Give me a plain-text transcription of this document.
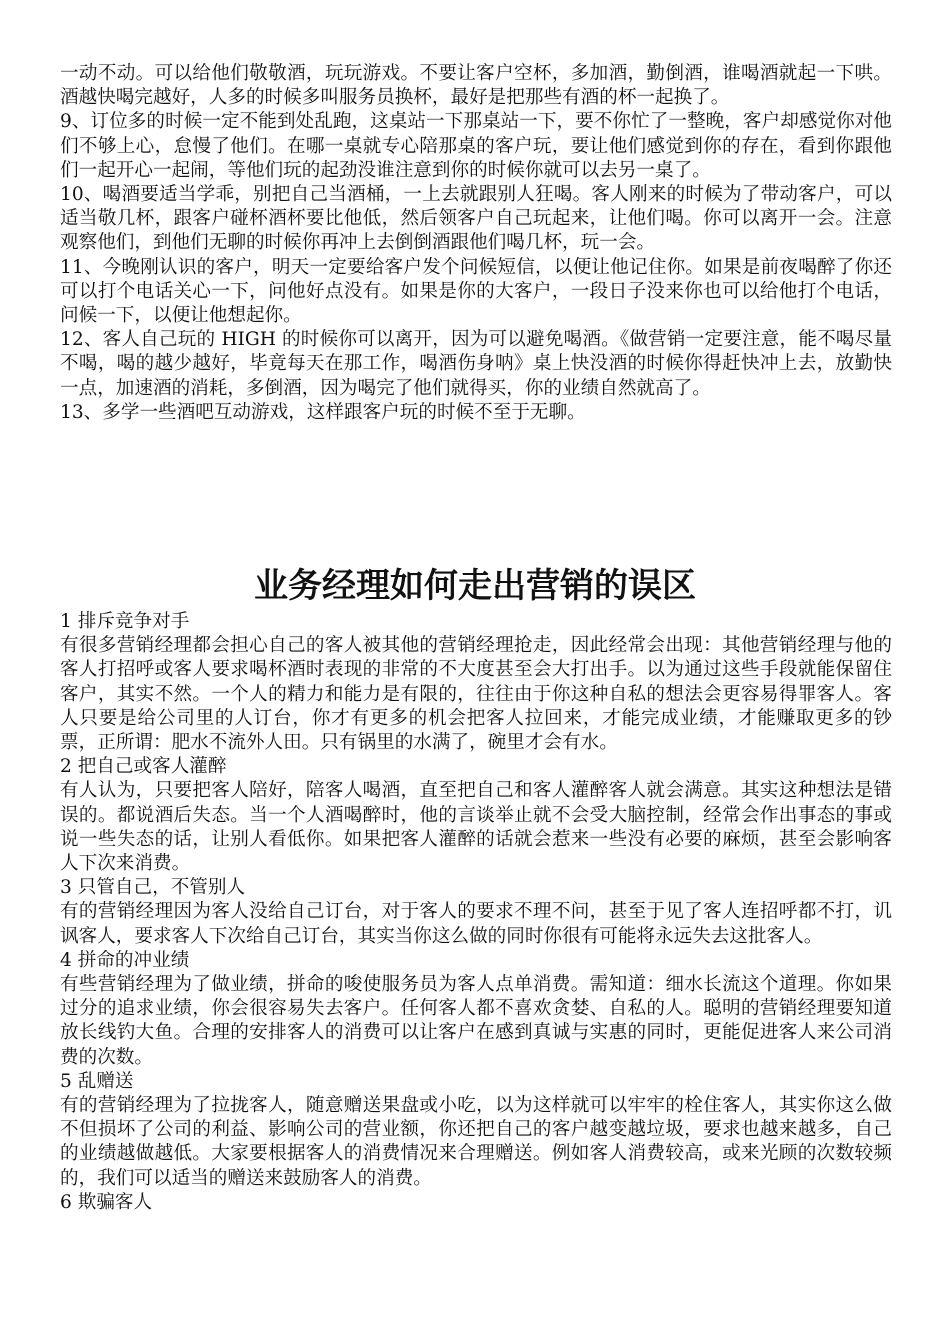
一动不动。可以给他们敬敬酒，玩玩游戏。不要让客户空杯，多加酒，勤倒酒，谁喝酒就起一下哄。酒越快喝完越好，人多的时候多叫服务员换杯，最好是把那些有酒的杯一起换了。

9、订位多的时候一定不能到处乱跑，这桌站一下那桌站一下，要不你忙了一整晚，客户却感觉你对他们不够上心，怠慢了他们。在哪一桌就专心陪那桌的客户玩，要让他们感觉到你的存在，看到你跟他们一起开心一起闹，等他们玩的起劲没谁注意到你的时候你就可以去另一桌了。

10、喝酒要适当学乖，别把自己当酒桶，一上去就跟别人狂喝。客人刚来的时候为了带动客户，可以适当敬几杯，跟客户碰杯酒杯要比他低，然后领客户自己玩起来，让他们喝。你可以离开一会。注意观察他们，到他们无聊的时候你再冲上去倒倒酒跟他们喝几杯，玩一会。

11、今晚刚认识的客户，明天一定要给客户发个问候短信，以便让他记住你。如果是前夜喝醉了你还可以打个电话关心一下，问他好点没有。如果是你的大客户，一段日子没来你也可以给他打个电话，问候一下，以便让他想起你。

12、客人自己玩的 HIGH 的时候你可以离开，因为可以避免喝酒。《做营销一定要注意，能不喝尽量不喝，喝的越少越好，毕竟每天在那工作，喝酒伤身呐》桌上快没酒的时候你得赶快冲上去，放勤快一点，加速酒的消耗，多倒酒，因为喝完了他们就得买，你的业绩自然就高了。

13、多学一些酒吧互动游戏，这样跟客户玩的时候不至于无聊。

业务经理如何走出营销的误区

1 排斥竞争对手

有很多营销经理都会担心自己的客人被其他的营销经理抢走，因此经常会出现：其他营销经理与他的客人打招呼或客人要求喝杯酒时表现的非常的不大度甚至会大打出手。以为通过这些手段就能保留住客户，其实不然。一个人的精力和能力是有限的，往往由于你这种自私的想法会更容易得罪客人。客人只要是给公司里的人订台，你才有更多的机会把客人拉回来，才能完成业绩，才能赚取更多的钞票，正所谓：肥水不流外人田。只有锅里的水满了，碗里才会有水。

2 把自己或客人灌醉

有人认为，只要把客人陪好，陪客人喝酒，直至把自己和客人灌醉客人就会满意。其实这种想法是错误的。都说酒后失态。当一个人酒喝醉时，他的言谈举止就不会受大脑控制，经常会作出事态的事或说一些失态的话，让别人看低你。如果把客人灌醉的话就会惹来一些没有必要的麻烦，甚至会影响客人下次来消费。

3 只管自己，不管别人

有的营销经理因为客人没给自己订台，对于客人的要求不理不问，甚至于见了客人连招呼都不打，讥讽客人，要求客人下次给自己订台，其实当你这么做的同时你很有可能将永远失去这批客人。

4 拼命的冲业绩

有些营销经理为了做业绩，拼命的唆使服务员为客人点单消费。需知道：细水长流这个道理。你如果过分的追求业绩，你会很容易失去客户。任何客人都不喜欢贪婪、自私的人。聪明的营销经理要知道放长线钓大鱼。合理的安排客人的消费可以让客户在感到真诚与实惠的同时，更能促进客人来公司消费的次数。

5 乱赠送

有的营销经理为了拉拢客人，随意赠送果盘或小吃，以为这样就可以牢牢的栓住客人，其实你这么做不但损坏了公司的利益、影响公司的营业额，你还把自己的客户越变越垃圾，要求也越来越多，自己的业绩越做越低。大家要根据客人的消费情况来合理赠送。例如客人消费较高，或来光顾的次数较频的，我们可以适当的赠送来鼓励客人的消费。

6 欺骗客人
